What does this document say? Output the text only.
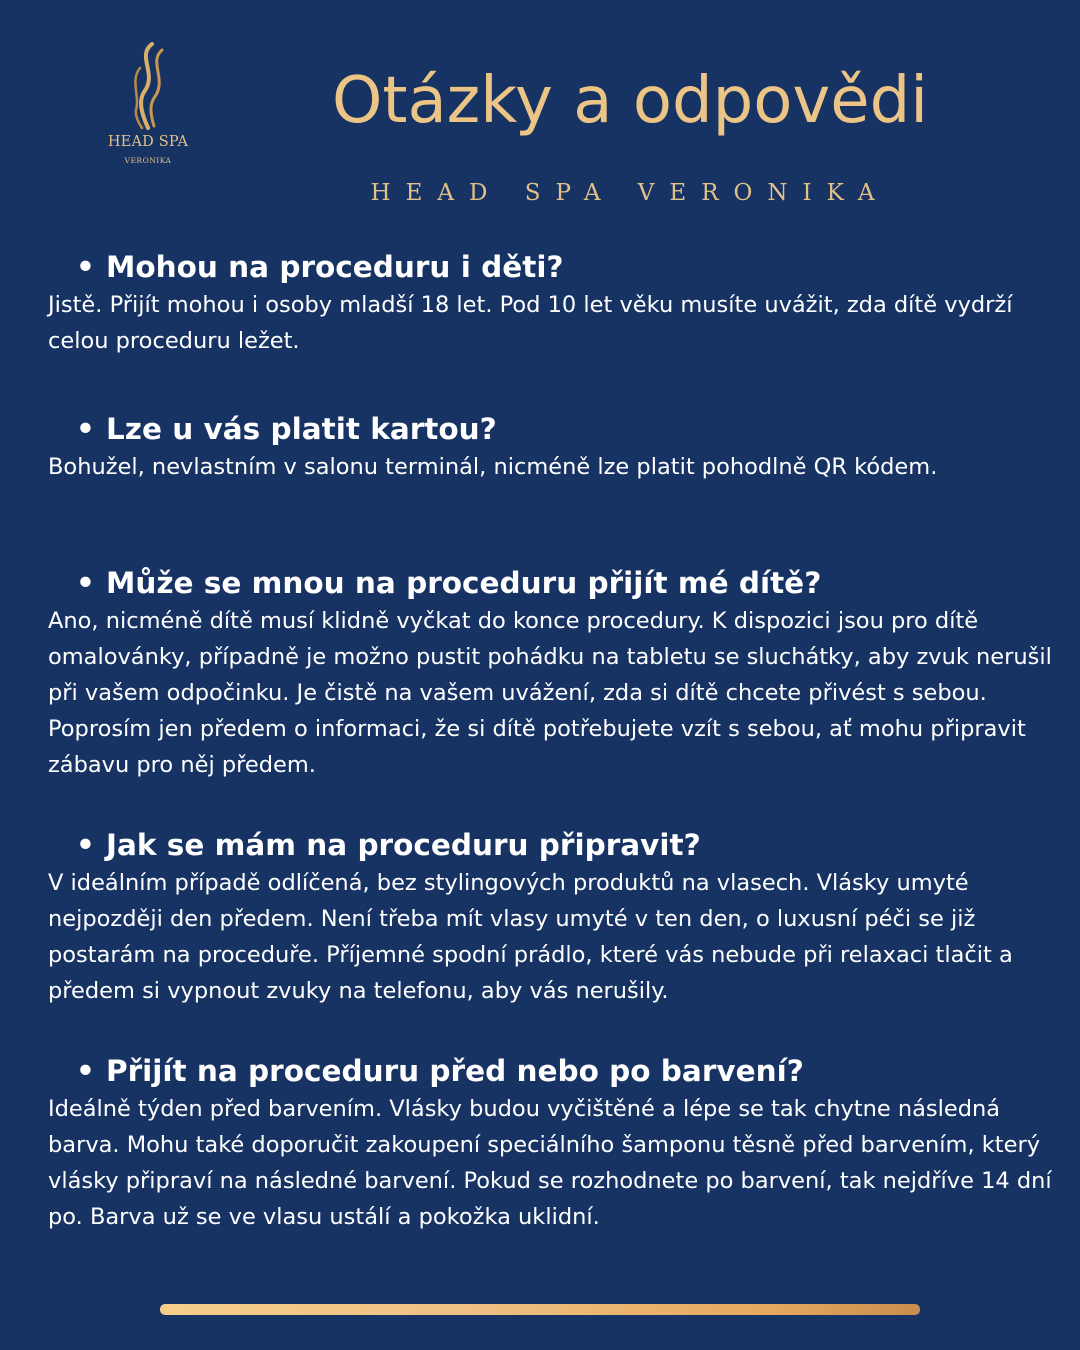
HEAD SPA
VERONIKA
Otázky a odpovědi
HEAD SPA VERONIKA

• Mohou na proceduru i děti?

Jistě. Přijít mohou i osoby mladší 18 let. Pod 10 let věku musíte uvážit, zda dítě vydrží celou proceduru ležet.

• Lze u vás platit kartou?

Bohužel, nevlastním v salonu terminál, nicméně lze platit pohodlně QR kódem.

• Může se mnou na proceduru přijít mé dítě?

Ano, nicméně dítě musí klidně vyčkat do konce procedury. K dispozici jsou pro dítě omalovánky, případně je možno pustit pohádku na tabletu se sluchátky, aby zvuk nerušil při vašem odpočinku. Je čistě na vašem uvážení, zda si dítě chcete přivést s sebou. Poprosím jen předem o informaci, že si dítě potřebujete vzít s sebou, ať mohu připravit zábavu pro něj předem.

• Jak se mám na proceduru připravit?

V ideálním případě odlíčená, bez stylingových produktů na vlasech. Vlásky umyté nejpozději den předem. Není třeba mít vlasy umyté v ten den, o luxusní péči se již postarám na proceduře. Příjemné spodní prádlo, které vás nebude při relaxaci tlačit a předem si vypnout zvuky na telefonu, aby vás nerušily.

• Přijít na proceduru před nebo po barvení?

Ideálně týden před barvením. Vlásky budou vyčištěné a lépe se tak chytne následná barva. Mohu také doporučit zakoupení speciálního šamponu těsně před barvením, který vlásky připraví na následné barvení. Pokud se rozhodnete po barvení, tak nejdříve 14 dní po. Barva už se ve vlasu ustálí a pokožka uklidní.
